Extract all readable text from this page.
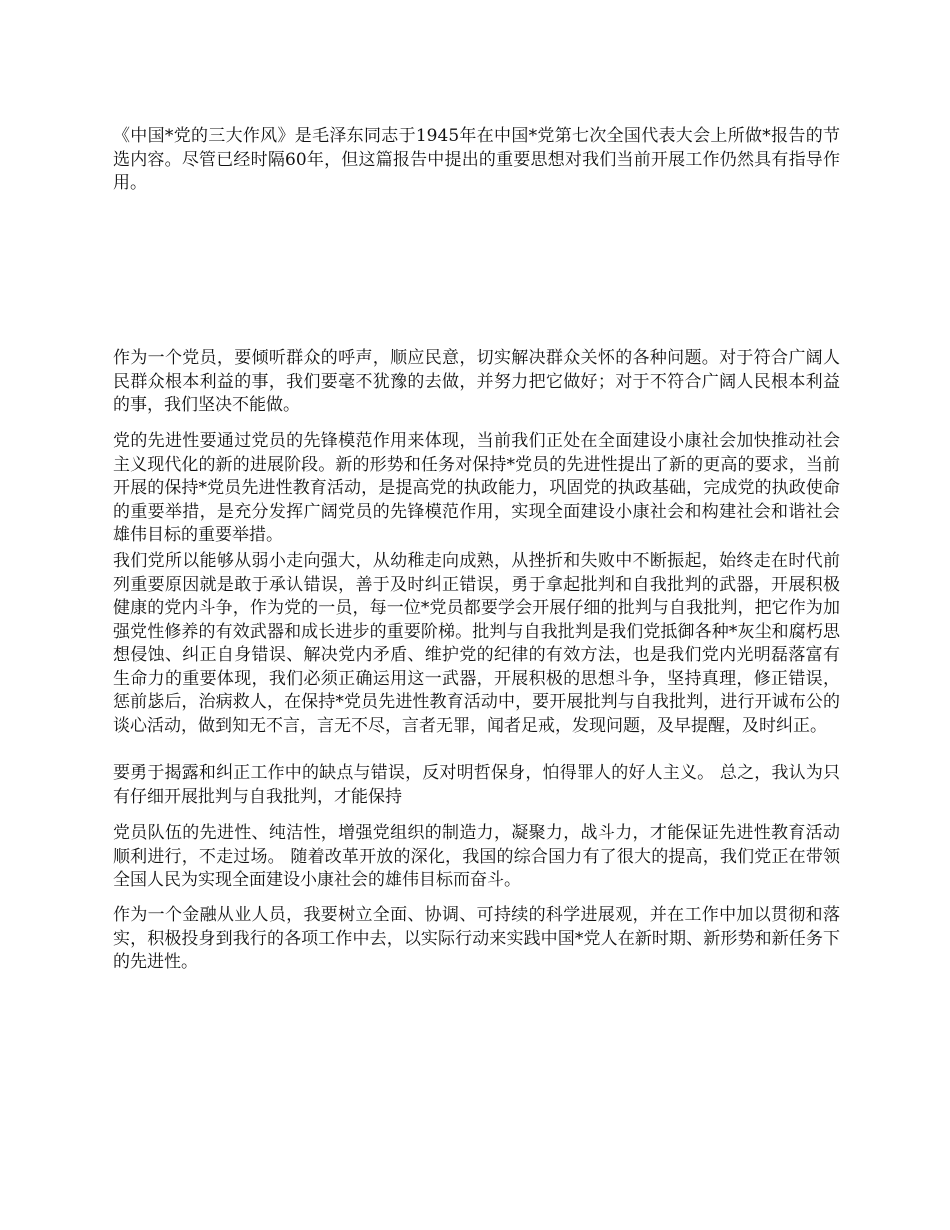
《中国*党的三大作风》是毛泽东同志于1945年在中国*党第七次全国代表大会上所做*报告的节选内容。尽管已经时隔60年，但这篇报告中提出的重要思想对我们当前开展工作仍然具有指导作用。

作为一个党员，要倾听群众的呼声，顺应民意，切实解决群众关怀的各种问题。对于符合广阔人民群众根本利益的事，我们要毫不犹豫的去做，并努力把它做好；对于不符合广阔人民根本利益的事，我们坚决不能做。

党的先进性要通过党员的先锋模范作用来体现，当前我们正处在全面建设小康社会加快推动社会主义现代化的新的进展阶段。新的形势和任务对保持*党员的先进性提出了新的更高的要求，当前开展的保持*党员先进性教育活动，是提高党的执政能力，巩固党的执政基础，完成党的执政使命的重要举措，是充分发挥广阔党员的先锋模范作用，实现全面建设小康社会和构建社会和谐社会雄伟目标的重要举措。

我们党所以能够从弱小走向强大，从幼稚走向成熟，从挫折和失败中不断振起，始终走在时代前列重要原因就是敢于承认错误，善于及时纠正错误，勇于拿起批判和自我批判的武器，开展积极健康的党内斗争，作为党的一员，每一位*党员都要学会开展仔细的批判与自我批判，把它作为加强党性修养的有效武器和成长进步的重要阶梯。批判与自我批判是我们党抵御各种*灰尘和腐朽思想侵蚀、纠正自身错误、解决党内矛盾、维护党的纪律的有效方法，也是我们党内光明磊落富有生命力的重要体现，我们必须正确运用这一武器，开展积极的思想斗争，坚持真理，修正错误，惩前毖后，治病救人，在保持*党员先进性教育活动中，要开展批判与自我批判，进行开诚布公的谈心活动，做到知无不言，言无不尽，言者无罪，闻者足戒，发现问题，及早提醒，及时纠正。

要勇于揭露和纠正工作中的缺点与错误，反对明哲保身，怕得罪人的好人主义。 总之，我认为只有仔细开展批判与自我批判，才能保持

党员队伍的先进性、纯洁性，增强党组织的制造力，凝聚力，战斗力，才能保证先进性教育活动顺利进行，不走过场。 随着改革开放的深化，我国的综合国力有了很大的提高，我们党正在带领全国人民为实现全面建设小康社会的雄伟目标而奋斗。

作为一个金融从业人员，我要树立全面、协调、可持续的科学进展观，并在工作中加以贯彻和落实，积极投身到我行的各项工作中去，以实际行动来实践中国*党人在新时期、新形势和新任务下的先进性。
